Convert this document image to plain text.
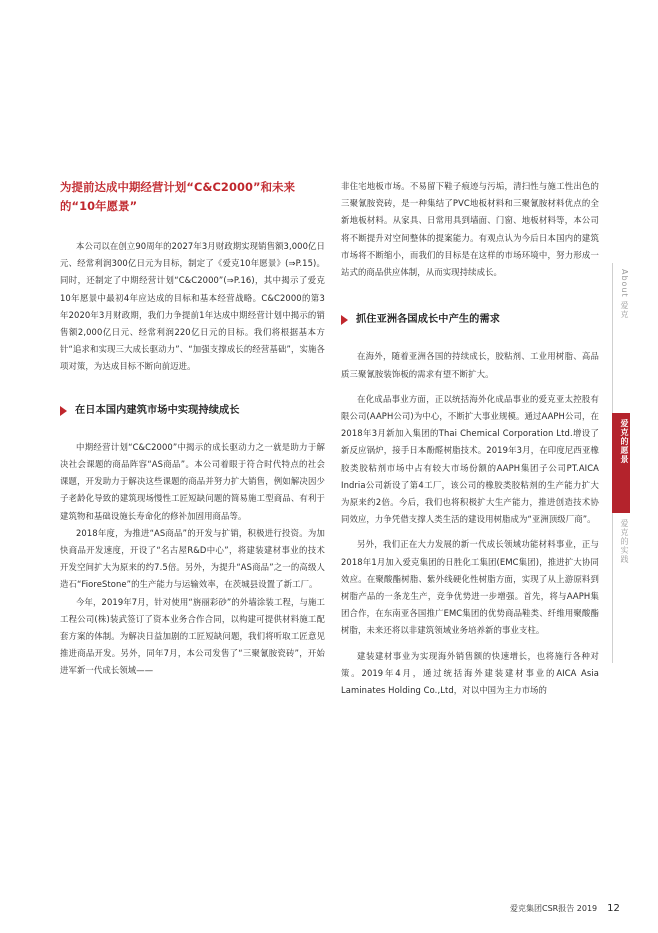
为提前达成中期经营计划“C&C2000”和未来的“10年愿景”

本公司以在创立90周年的2027年3月财政期实现销售额3,000亿日元、经常利润300亿日元为目标，制定了《爱克10年愿景》(⇒P.15)。同时，还制定了中期经营计划“C&C2000”(⇒P.16)，其中揭示了爱克10年愿景中最初4年应达成的目标和基本经营战略。C&C2000的第3年2020年3月财政期，我们力争提前1年达成中期经营计划中揭示的销售额2,000亿日元、经常利润220亿日元的目标。我们将根据基本方针“追求和实现三大成长驱动力”、“加强支撑成长的经营基础”，实施各项对策，为达成目标不断向前迈进。

在日本国内建筑市场中实现持续成长

中期经营计划“C&C2000”中揭示的成长驱动力之一就是助力于解决社会课题的商品阵容“AS商品”。本公司着眼于符合时代特点的社会课题，开发助力于解决这些课题的商品并努力扩大销售，例如解决因少子老龄化导致的建筑现场慢性工匠短缺问题的简易施工型商品、有利于建筑物和基础设施长寿命化的修补加固用商品等。

2018年度，为推进“AS商品”的开发与扩销，积极进行投资。为加快商品开发速度，开设了“名古屋R&D中心”，将建装建材事业的技术开发空间扩大为原来的约7.5倍。另外，为提升“AS商品”之一的高级人造石“FioreStone”的生产能力与运输效率，在茨城县设置了新工厂。

今年，2019年7月，针对使用“旃丽彩砂”的外墙涂装工程，与施工工程公司(株)装武签订了资本业务合作合同，以构建可提供材料施工配套方案的体制。为解决日益加剧的工匠短缺问题，我们将听取工匠意见推进商品开发。另外，同年7月，本公司发售了“三聚氰胺瓷砖”，开始进军新一代成长领域——

非住宅地板市场。不易留下鞋子痕迹与污垢，清扫性与施工性出色的三聚氰胺瓷砖，是一种集结了PVC地板材料和三聚氰胺材料优点的全新地板材料。从家具、日常用具到墙面、门窗、地板材料等，本公司将不断提升对空间整体的提案能力。有观点认为今后日本国内的建筑市场将不断缩小，而我们的目标是在这样的市场环境中，努力形成一站式的商品供应体制，从而实现持续成长。

抓住亚洲各国成长中产生的需求

在海外，随着亚洲各国的持续成长，胶粘剂、工业用树脂、高品质三聚氰胺装饰板的需求有望不断扩大。

在化成品事业方面，正以统括海外化成品事业的爱克亚太控股有限公司(AAPH公司)为中心，不断扩大事业规模。通过AAPH公司，在2018年3月新加入集团的Thai Chemical Corporation Ltd.增设了新反应锅炉，接手日本酚醛树脂技术。2019年3月，在印度尼西亚橡胶类胶粘剂市场中占有较大市场份额的AAPH集团子公司PT.AICA Indria公司新设了第4工厂，该公司的橡胶类胶粘剂的生产能力扩大为原来约2倍。今后，我们也将积极扩大生产能力，推进创造技术协同效应，力争凭借支撑人类生活的建设用树脂成为“亚洲顶级厂商”。

另外，我们正在大力发展的新一代成长领域功能材料事业，正与2018年1月加入爱克集团的日胜化工集团(EMC集团)，推进扩大协同效应。在聚酸酯树脂、紫外线硬化性树脂方面，实现了从上游原料到树脂产品的一条龙生产，竞争优势进一步增强。首先，将与AAPH集团合作，在东南亚各国推广EMC集团的优势商品鞋类、纤维用聚酸酯树脂，未来还将以非建筑领域业务培养新的事业支柱。

建装建材事业为实现海外销售额的快速增长，也将施行各种对策。2019年4月，通过统括海外建装建材事业的AICA Asia Laminates Holding Co.,Ltd，对以中国为主力市场的

About 爱克
爱克的愿景
爱克的实践
爱克集团CSR报告 2019 12
